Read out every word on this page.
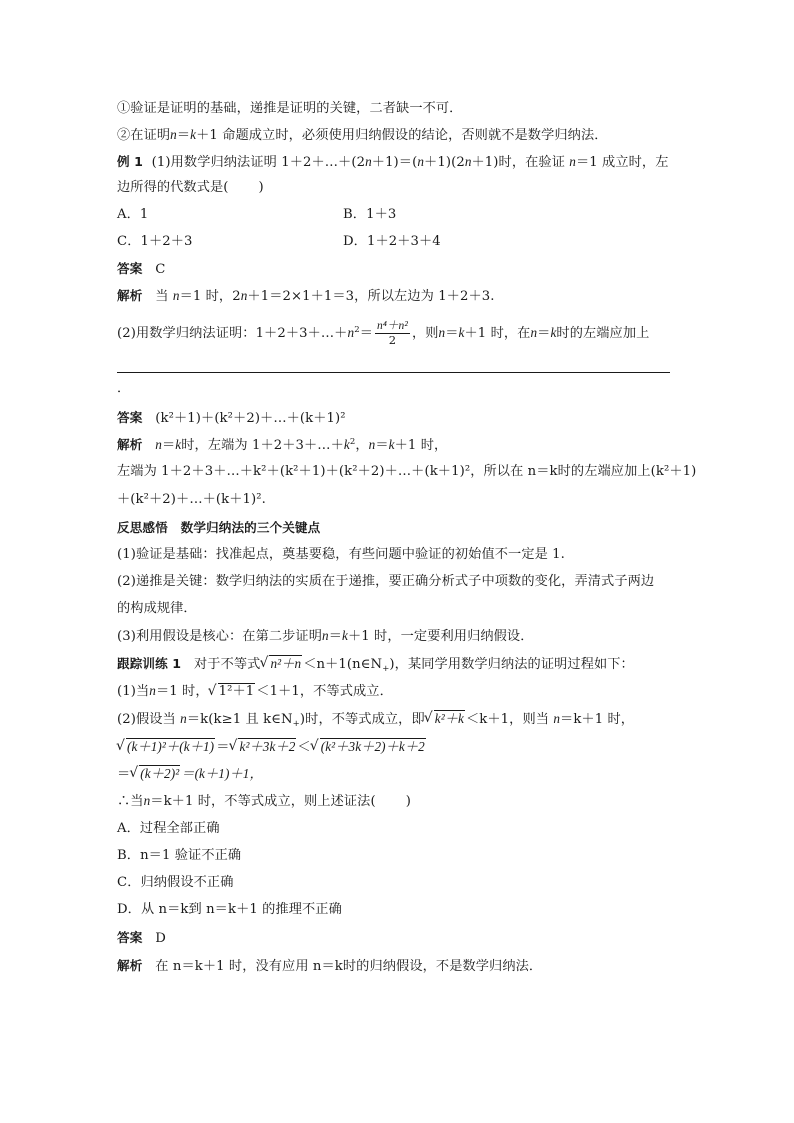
①验证是证明的基础，递推是证明的关键，二者缺一不可．
②在证明n＝k＋1 命题成立时，必须使用归纳假设的结论，否则就不是数学归纳法．
例 1 (1)用数学归纳法证明 1＋2＋…＋(2n＋1)＝(n＋1)(2n＋1)时，在验证 n＝1 成立时，左
边所得的代数式是( )
A．1	B．1＋3
C．1＋2＋3	D．1＋2＋3＋4
答案 C
解析 当 n＝1 时，2n＋1＝2×1＋1＝3，所以左边为 1＋2＋3.
(2)用数学归纳法证明：$1+2+3+\dots+n^2= \frac{\text{n⁴＋n²}}{2}$ ，则n＝k＋1 时，在n＝k时的左端应加上
．
答案 (k²＋1)＋(k²＋2)＋…＋(k＋1)²
解析 n＝k时，左端为 $1+2+3+\dots+k^2$，n＝k＋1 时，
左端为 1＋2＋3＋…＋k²＋(k²＋1)＋(k²＋2)＋…＋(k＋1)²，所以在 n＝k时的左端应加上(k²＋1)
＋(k²＋2)＋…＋(k＋1)².
反思感悟 数学归纳法的三个关键点
(1)验证是基础：找准起点，奠基要稳，有些问题中验证的初始值不一定是 1.
(2)递推是关键：数学归纳法的实质在于递推，要正确分析式子中项数的变化，弄清式子两边
的构成规律．
(3)利用假设是核心：在第二步证明n＝k＋1 时，一定要利用归纳假设．
跟踪训练 1 对于不等式 √ $n^2+n <n+1(n\in N_+)$，某同学用数学归纳法的证明过程如下：
(1)当n＝1 时， √ 1²＋1 ＜1＋1，不等式成立．
(2)假设当 n＝k(k≥1 且 $k\in N_+$)时，不等式成立，即 √ k²＋k ＜k＋1，则当 n＝k＋1 时，
√ (k＋1)²＋(k＋1) ＝ √ k²＋3k＋2 ＜ √ (k²＋3k＋2)＋k＋2
＝ √ (k＋2)² ＝(k＋1)＋1，
∴当n＝k＋1 时，不等式成立，则上述证法( )
A．过程全部正确
B．n＝1 验证不正确
C．归纳假设不正确
D．从 n＝k到 n＝k＋1 的推理不正确
答案 D
解析 在 n＝k＋1 时，没有应用 n＝k时的归纳假设，不是数学归纳法．
